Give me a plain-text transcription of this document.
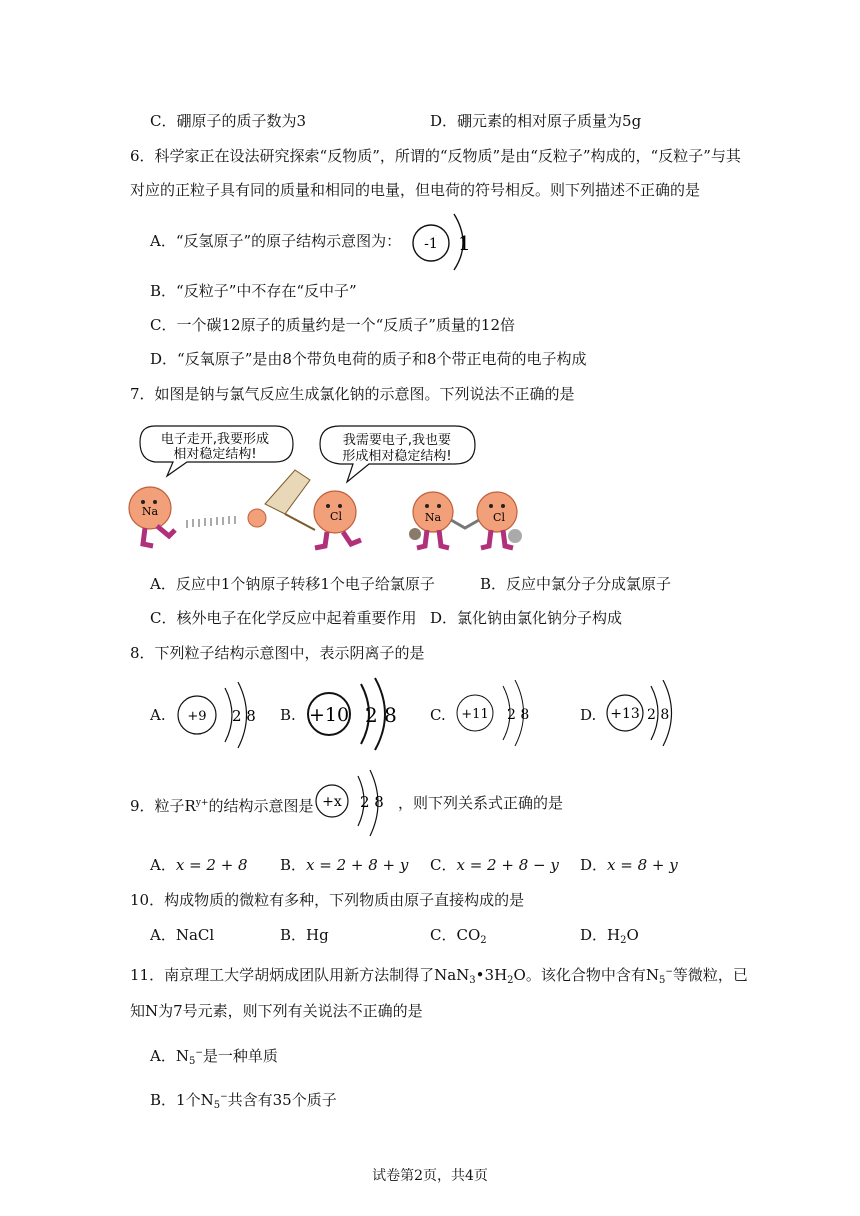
C．硼原子的质子数为3	D．硼元素的相对原子质量为5g
6．科学家正在设法研究探索“反物质”，所谓的“反物质”是由“反粒子”构成的，“反粒子”与其
对应的正粒子具有同的质量和相同的电量，但电荷的符号相反。则下列描述不正确的是
A．“反氢原子”的原子结构示意图为： -1 1
B．“反粒子”中不存在“反中子”
C．一个碳12原子的质量约是一个“反质子”质量的12倍
D．“反氧原子”是由8个带负电荷的质子和8个带正电荷的电子构成
7．如图是钠与氯气反应生成氯化钠的示意图。下列说法不正确的是
电子走开,我要形成
相对稳定结构!
我需要电子,我也要
形成相对稳定结构!
Na	Cl	Na	Cl
A．反应中1个钠原子转移1个电子给氯原子	B．反应中氯分子分成氯原子
C．核外电子在化学反应中起着重要作用 D．氯化钠由氯化钠分子构成
8．下列粒子结构示意图中，表示阴离子的是
A. +9 2 8 B. +10 2 8 C. +11 2 8	D. +13 2 8
9．粒子$R^{y+}$的结构示意图是 +x 2 8 ，则下列关系式正确的是
A．x = 2 + 8 B．x = 2 + 8 + y C．x = 2 + 8 − y D．x = 8 + y
10．构成物质的微粒有多种，下列物质由原子直接构成的是
A．NaCl	B．Hg	C．$CO_2$	D．$H_2O$
11．南京理工大学胡炳成团队用新方法制得了$NaN_3•3H_2O$。该化合物中含有$N_5^-$等微粒，已
知N为7号元素，则下列有关说法不正确的是
A．$N_5^-$是一种单质
B．1个$N_5^-$共含有35个质子
试卷第2页，共4页
